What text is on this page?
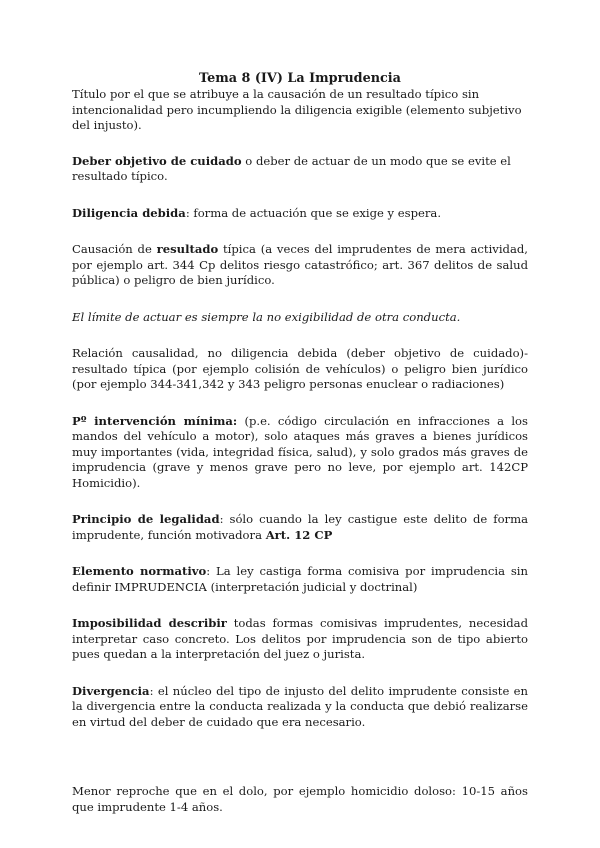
Tema 8 (IV) La Imprudencia

Título por el que se atribuye a la causación de un resultado típico sin intencionalidad pero incumpliendo la diligencia exigible (elemento subjetivo del injusto).

Deber objetivo de cuidado o deber de actuar de un modo que se evite el resultado típico.

Diligencia debida: forma de actuación que se exige y espera.

Causación de resultado típica (a veces del imprudentes de mera actividad, por ejemplo art. 344 Cp delitos riesgo catastrófico; art. 367 delitos de salud pública) o peligro de bien jurídico.

El límite de actuar es siempre la no exigibilidad de otra conducta.

Relación causalidad, no diligencia debida (deber objetivo de cuidado)-resultado típica (por ejemplo colisión de vehículos) o peligro bien jurídico (por ejemplo 344-341,342 y 343 peligro personas enuclear o radiaciones)

Pº intervención mínima: (p.e. código circulación en infracciones a los mandos del vehículo a motor), solo ataques más graves a bienes jurídicos muy importantes (vida, integridad física, salud), y solo grados más graves de imprudencia (grave y menos grave pero no leve, por ejemplo art. 142CP Homicidio).

Principio de legalidad: sólo cuando la ley castigue este delito de forma imprudente, función motivadora Art. 12 CP

Elemento normativo: La ley castiga forma comisiva por imprudencia sin definir IMPRUDENCIA (interpretación judicial y doctrinal)

Imposibilidad describir todas formas comisivas imprudentes, necesidad interpretar caso concreto. Los delitos por imprudencia son de tipo abierto pues quedan a la interpretación del juez o jurista.

Divergencia: el núcleo del tipo de injusto del delito imprudente consiste en la divergencia entre la conducta realizada y la conducta que debió realizarse en virtud del deber de cuidado que era necesario.

Menor reproche que en el dolo, por ejemplo homicidio doloso: 10-15 años que imprudente 1-4 años.
